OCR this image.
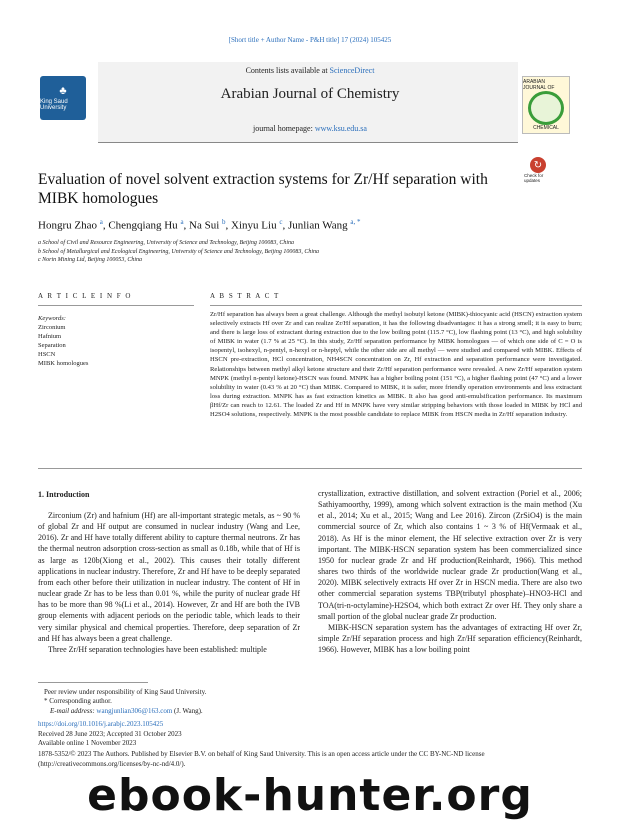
[Short title + Author Name - P&H title] 17 (2024) 105425
Contents lists available at ScienceDirect
Arabian Journal of Chemistry
journal homepage: www.ksu.edu.sa
♣
King Saud University
ARABIAN JOURNAL OF
CHEMICAL
Evaluation of novel solvent extraction systems for Zr/Hf separation with MIBK homologues
↻
Check for updates
Hongru Zhao $^a$, Chengqiang Hu $^a$, Na Sui $^b$, Xinyu Liu $^c$, Junlian Wang $^{a, *}$
a School of Civil and Resource Engineering, University of Science and Technology, Beijing 100083, China
b School of Metallurgical and Ecological Engineering, University of Science and Technology, Beijing 100083, China
c Norin Mining Ltd, Beijing 100053, China
A R T I C L E I N F O	A B S T R A C T
Keywords:
Zirconium
Hafnium
Separation
HSCN
MIBK homologues
Zr/Hf separation has always been a great challenge. Although the methyl isobutyl ketone (MIBK)-thiocyanic acid (HSCN) extraction system selectively extracts Hf over Zr and can realize Zr/Hf separation, it has the following disadvantages: it has a strong smell; it is easy to burn; and there is large loss of extractant during extraction due to the low boiling point (115.7 °C), low flashing point (13 °C), and high solubility of MIBK in water (1.7 % at 25 °C). In this study, Zr/Hf separation performance by MIBK homologues — of which one side of C = O is isopentyl, isohexyl, n-pentyl, n-hexyl or n-heptyl, while the other side are all methyl — were studied and compared with MIBK. Effects of HSCN pre-extraction, HCl concentration, NH4SCN concentration on Zr, Hf extraction and separation performance were investigated. Relationships between methyl alkyl ketone structure and their Zr/Hf separation performance were revealed. A new Zr/Hf separation system MNPK (methyl n-pentyl ketone)-HSCN was found. MNPK has a higher boiling point (151 °C), a higher flashing point (47 °C) and a lower solubility in water (0.43 % at 20 °C) than MIBK. Compared to MIBK, it is safer, more friendly operation environments and less extractant loss during extraction. MNPK has as fast extraction kinetics as MIBK. It also has good anti-emulsification performance. Its maximum βHf/Zr can reach to 12.61. The loaded Zr and Hf in MNPK have very similar stripping behaviors with those loaded in MIBK by HCl and H2SO4 solutions, respectively. MNPK is the most possible candidate to replace MIBK from HSCN media in Zr/Hf separation industry.
1. Introduction

Zirconium (Zr) and hafnium (Hf) are all-important strategic metals, as ~ 90 % of global Zr and Hf output are consumed in nuclear industry (Wang and Lee, 2016). Zr and Hf have totally different ability to capture thermal neutrons. Zr has the thermal neutron adsorption cross-section as small as 0.18b, while that of Hf is as large as 120b(Xiong et al., 2002). This causes their totally different applications in nuclear industry. Therefore, Zr and Hf have to be deeply separated from each other before their utilization in nuclear industry. The content of Hf in nuclear grade Zr has to be less than 0.01 %, while the purity of nuclear grade Hf has to be more than 98 %(Li et al., 2014). However, Zr and Hf are both the IVB group elements with adjacent periods on the periodic table, which leads to their very similar physical and chemical properties. Therefore, deep separation of Zr and Hf has always been a great challenge.

Three Zr/Hf separation technologies have been established: multiple

crystallization, extractive distillation, and solvent extraction (Poriel et al., 2006; Sathiyamoorthy, 1999), among which solvent extraction is the main method (Xu et al., 2014; Xu et al., 2015; Wang and Lee 2016). Zircon (ZrSiO4) is the main commercial source of Zr, which also contains 1 ~ 3 % of Hf(Vermaak et al., 2018). As Hf is the minor element, the Hf selective extraction over Zr is very important. The MIBK-HSCN separation system has been commercialized since 1950 for nuclear grade Zr and Hf production(Reinhardt, 1966). This method shares two thirds of the worldwide nuclear grade Zr production(Wang et al., 2020). MIBK selectively extracts Hf over Zr in HSCN media. There are also two other commercial separation systems TBP(tributyl phosphate)–HNO3-HCl and TOA(tri-n-octylamine)-H2SO4, which both extract Zr over Hf. They only share a small portion of the global nuclear grade Zr production.

MIBK-HSCN separation system has the advantages of extracting Hf over Zr, simple Zr/Hf separation process and high Zr/Hf separation efficiency(Reinhardt, 1966). However, MIBK has a low boiling point

Peer review under responsibility of King Saud University.
* Corresponding author.
E-mail address: wangjunlian306@163.com (J. Wang).
https://doi.org/10.1016/j.arabjc.2023.105425
Received 28 June 2023; Accepted 31 October 2023
Available online 1 November 2023
1878-5352/© 2023 The Authors. Published by Elsevier B.V. on behalf of King Saud University. This is an open access article under the CC BY-NC-ND license (http://creativecommons.org/licenses/by-nc-nd/4.0/).
ebook-hunter.org
